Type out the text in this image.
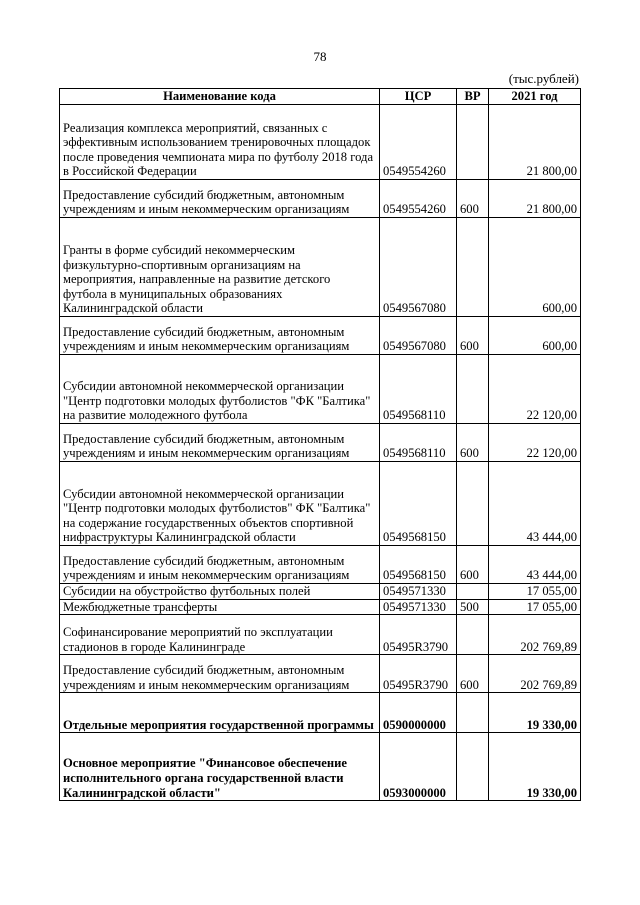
78
(тыс.рублей)
Наименование кода	ЦСР	ВР	2021 год
Реализация комплекса мероприятий, связанных с эффективным использованием тренировочных площадок после проведения чемпионата мира по футболу 2018 года в Российской Федерации	0549554260		21 800,00
Предоставление субсидий бюджетным, автономным учреждениям и иным некоммерческим организациям	0549554260	600	21 800,00
Гранты в форме субсидий некоммерческим физкультурно-спортивным организациям на мероприятия, направленные на развитие детского футбола в муниципальных образованиях Калининградской области	0549567080		600,00
Предоставление субсидий бюджетным, автономным учреждениям и иным некоммерческим организациям	0549567080	600	600,00
Субсидии автономной некоммерческой организации "Центр подготовки молодых футболистов "ФК "Балтика" на развитие молодежного футбола	0549568110		22 120,00
Предоставление субсидий бюджетным, автономным учреждениям и иным некоммерческим организациям	0549568110	600	22 120,00
Субсидии автономной некоммерческой организации "Центр подготовки молодых футболистов" ФК "Балтика" на содержание государственных объектов спортивной нифраструктуры Калининградской области	0549568150		43 444,00
Предоставление субсидий бюджетным, автономным учреждениям и иным некоммерческим организациям	0549568150	600	43 444,00
Субсидии на обустройство футбольных полей	0549571330		17 055,00
Межбюджетные трансферты	0549571330	500	17 055,00
Софинансирование мероприятий по эксплуатации стадионов в городе Калининграде	05495R3790		202 769,89
Предоставление субсидий бюджетным, автономным учреждениям и иным некоммерческим организациям	05495R3790	600	202 769,89
Отдельные мероприятия государственной программы	0590000000		19 330,00
Основное мероприятие "Финансовое обеспечение исполнительного органа государственной власти Калининградской области"	0593000000		19 330,00
